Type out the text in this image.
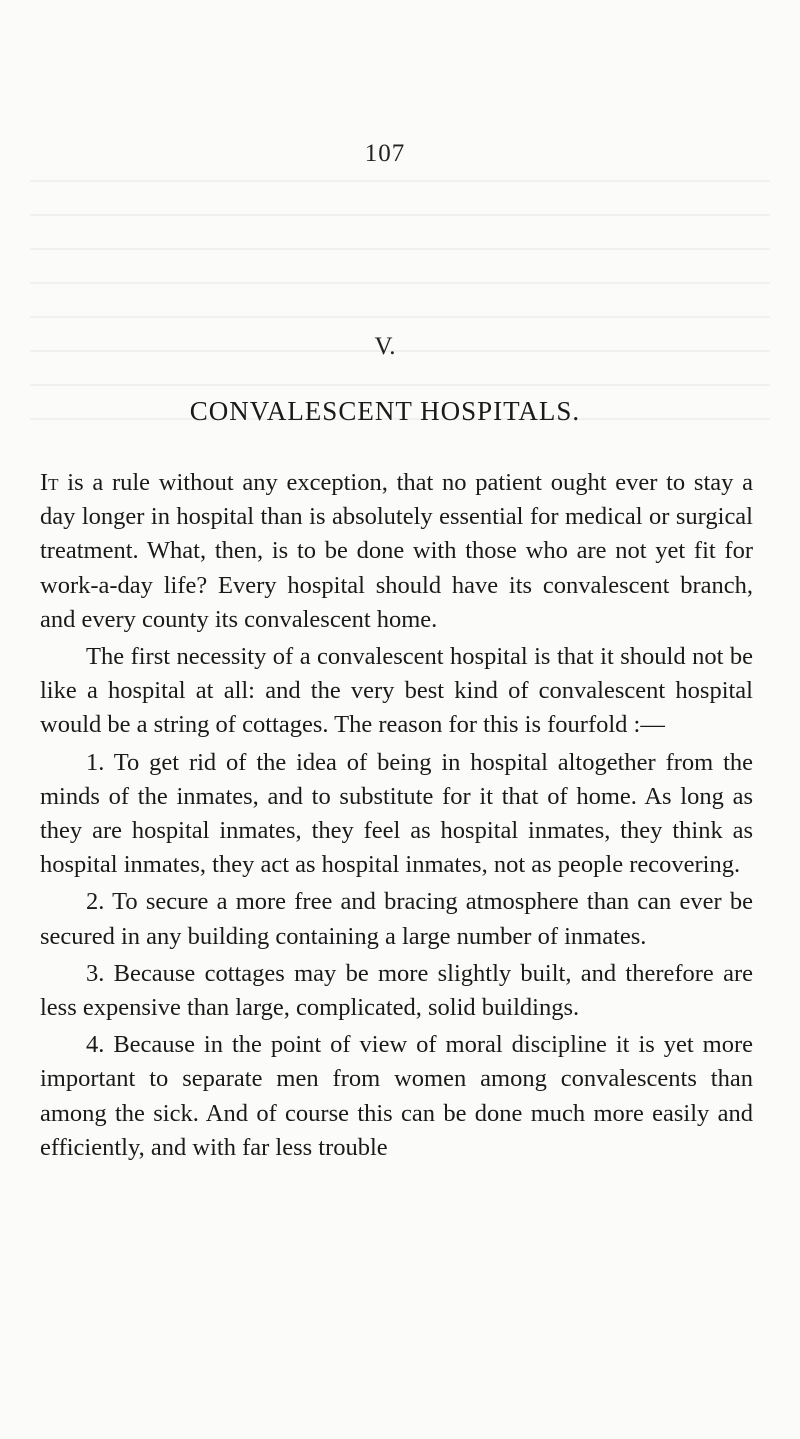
107
V.
CONVALESCENT HOSPITALS.

It is a rule without any exception, that no patient ought ever to stay a day longer in hospital than is absolutely essential for medical or surgical treatment. What, then, is to be done with those who are not yet fit for work-a-day life? Every hospital should have its convalescent branch, and every county its convalescent home.

The first necessity of a convalescent hospital is that it should not be like a hospital at all: and the very best kind of convalescent hospital would be a string of cottages. The reason for this is fourfold :—

1. To get rid of the idea of being in hospital altogether from the minds of the inmates, and to substitute for it that of home. As long as they are hospital inmates, they feel as hospital inmates, they think as hospital inmates, they act as hospital inmates, not as people recovering.

2. To secure a more free and bracing atmosphere than can ever be secured in any building containing a large number of inmates.

3. Because cottages may be more slightly built, and therefore are less expensive than large, complicated, solid buildings.

4. Because in the point of view of moral discipline it is yet more important to separate men from women among convalescents than among the sick. And of course this can be done much more easily and efficiently, and with far less trouble
